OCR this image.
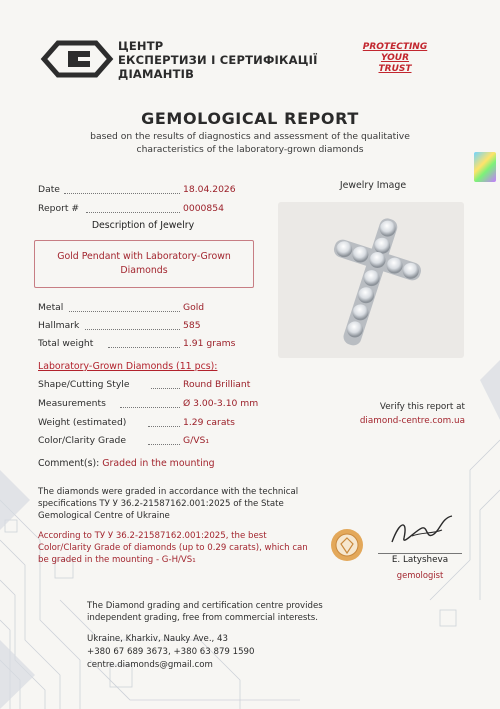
ЦЕНТР
ЕКСПЕРТИЗИ І СЕРТИФІКАЦІЇ
ДІАМАНТІВ
PROTECTING
YOUR
TRUST
GEMOLOGICAL REPORT
based on the results of diagnostics and assessment of the qualitative
characteristics of the laboratory-grown diamonds
Date	18.04.2026
Report #	0000854
Description of Jewelry
Gold Pendant with Laboratory-Grown Diamonds
Metal	Gold
Hallmark	585
Total weight	1.91 grams
Laboratory-Grown Diamonds (11 pcs):
Shape/Cutting Style	Round Brilliant
Measurements	Ø 3.00-3.10 mm
Weight (estimated)	1.29 carats
Color/Clarity Grade	G/VS₁
Comment(s): Graded in the mounting
The diamonds were graded in accordance with the technical specifications ТУ У 36.2-21587162.001:2025 of the State Gemological Centre of Ukraine
According to ТУ У 36.2-21587162.001:2025, the best Color/Clarity Grade of diamonds (up to 0.29 carats), which can be graded in the mounting - G-H/VS₁
Jewelry Image
Verify this report at
diamond-centre.com.ua
E. Latysheva
gemologist
The Diamond grading and certification centre provides independent grading, free from commercial interests.
Ukraine, Kharkiv, Nauky Ave., 43
+380 67 689 3673, +380 63 879 1590
centre.diamonds@gmail.com
